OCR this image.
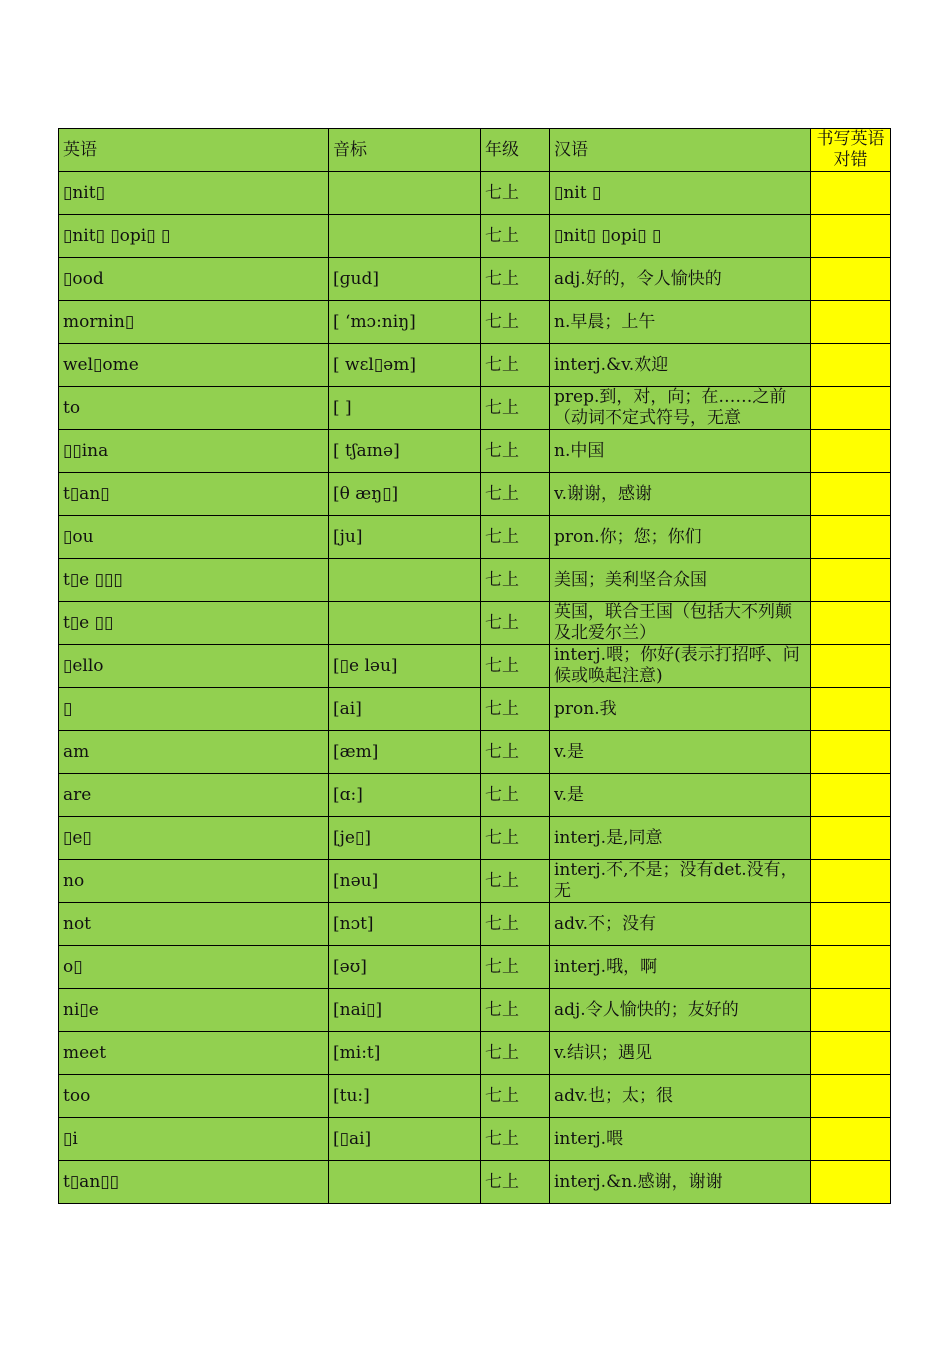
英语	音标	年级	汉语	书写英语对错
▯nit▯		七上	▯nit ▯	
▯nit▯ ▯opi▯ ▯		七上	▯nit▯ ▯opi▯ ▯	
▯ood	[ɡud]	七上	adj.好的，令人愉快的	
mornin▯	[ ‘mɔ:niŋ]	七上	n.早晨；上午	
wel▯ome	[ wɛl▯əm]	七上	interj.&v.欢迎	
to	[ ]	七上	prep.到，对，向；在……之前 （动词不定式符号，无意	
▯▯ina	[ tʃaɪnə]	七上	n.中国	
t▯an▯	[θ æŋ▯]	七上	v.谢谢，感谢	
▯ou	[ju]	七上	pron.你；您；你们	
t▯e ▯▯▯		七上	美国；美利坚合众国	
t▯e ▯▯		七上	英国，联合王国（包括大不列颠及北爱尔兰）	
▯ello	[▯e ləu]	七上	interj.喂；你好(表示打招呼、问候或唤起注意)	
▯	[ai]	七上	pron.我	
am	[æm]	七上	v.是	
are	[ɑ:]	七上	v.是	
▯e▯	[je▯]	七上	interj.是,同意	
no	[nəu]	七上	interj.不,不是；没有det.没有，无	
not	[nɔt]	七上	adv.不；没有	
o▯	[əʊ]	七上	interj.哦，啊	
ni▯e	[nai▯]	七上	adj.令人愉快的；友好的	
meet	[mi:t]	七上	v.结识；遇见	
too	[tu:]	七上	adv.也；太；很	
▯i	[▯ai]	七上	interj.喂	
t▯an▯▯		七上	interj.&n.感谢，谢谢	
